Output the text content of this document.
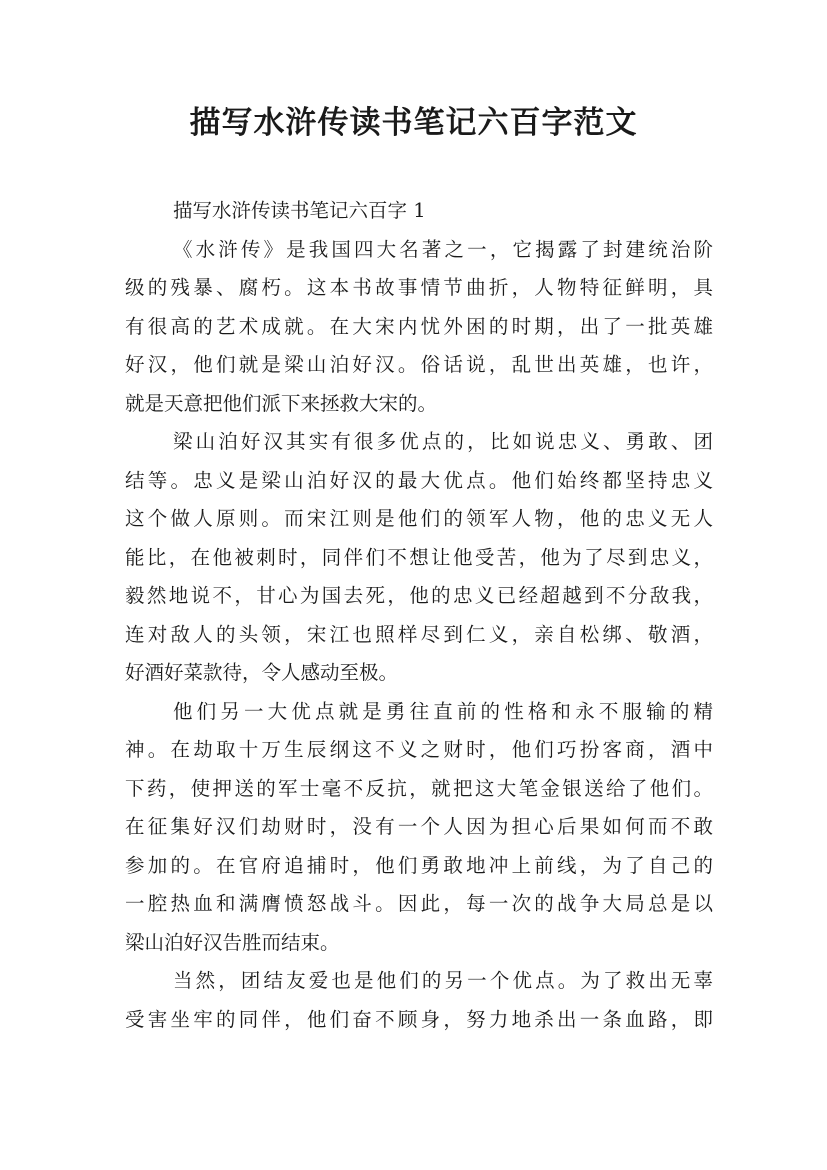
描写水浒传读书笔记六百字范文

描写水浒传读书笔记六百字 1

《水浒传》是我国四大名著之一，它揭露了封建统治阶
级的残暴、腐朽。这本书故事情节曲折，人物特征鲜明，具
有很高的艺术成就。在大宋内忧外困的时期，出了一批英雄
好汉，他们就是梁山泊好汉。俗话说，乱世出英雄，也许，
就是天意把他们派下来拯救大宋的。

梁山泊好汉其实有很多优点的，比如说忠义、勇敢、团
结等。忠义是梁山泊好汉的最大优点。他们始终都坚持忠义
这个做人原则。而宋江则是他们的领军人物，他的忠义无人
能比，在他被刺时，同伴们不想让他受苦，他为了尽到忠义，
毅然地说不，甘心为国去死，他的忠义已经超越到不分敌我，
连对敌人的头领，宋江也照样尽到仁义，亲自松绑、敬酒，
好酒好菜款待，令人感动至极。

他们另一大优点就是勇往直前的性格和永不服输的精
神。在劫取十万生辰纲这不义之财时，他们巧扮客商，酒中
下药，使押送的军士毫不反抗，就把这大笔金银送给了他们。
在征集好汉们劫财时，没有一个人因为担心后果如何而不敢
参加的。在官府追捕时，他们勇敢地冲上前线，为了自己的
一腔热血和满膺愤怒战斗。因此，每一次的战争大局总是以
梁山泊好汉告胜而结束。

当然，团结友爱也是他们的另一个优点。为了救出无辜
受害坐牢的同伴，他们奋不顾身，努力地杀出一条血路，即
